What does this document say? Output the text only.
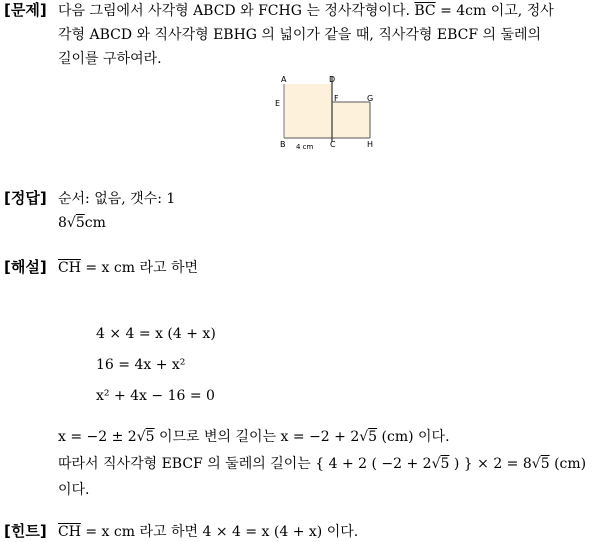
[문제] 다음 그림에서 사각형 ABCD 와 FCHG 는 정사각형이다. $\overline{BC} = 4cm$ 이고, 정사
각형 ABCD 와 직사각형 EBHG 의 넓이가 같을 때, 직사각형 EBCF 의 둘레의
길이를 구하여라.
A	D
E
F	G
B	C	H
4 cm
[정답] 순서: 없음, 갯수: 1
8√5cm
[해설] $\overline{CH} = x$ cm 라고 하면
4 × 4 = x (4 + x)
16 = 4x + x²
x² + 4x − 16 = 0
x = −2 ± 2√5 이므로 변의 길이는 x = −2 + 2√5 (cm) 이다.
따라서 직사각형 EBCF 의 둘레의 길이는 { 4 + 2 ( −2 + 2√5 ) } × 2 = 8√5 (cm)
이다.
[힌트] $\overline{CH} = x$ cm 라고 하면 4 × 4 = x (4 + x) 이다.
